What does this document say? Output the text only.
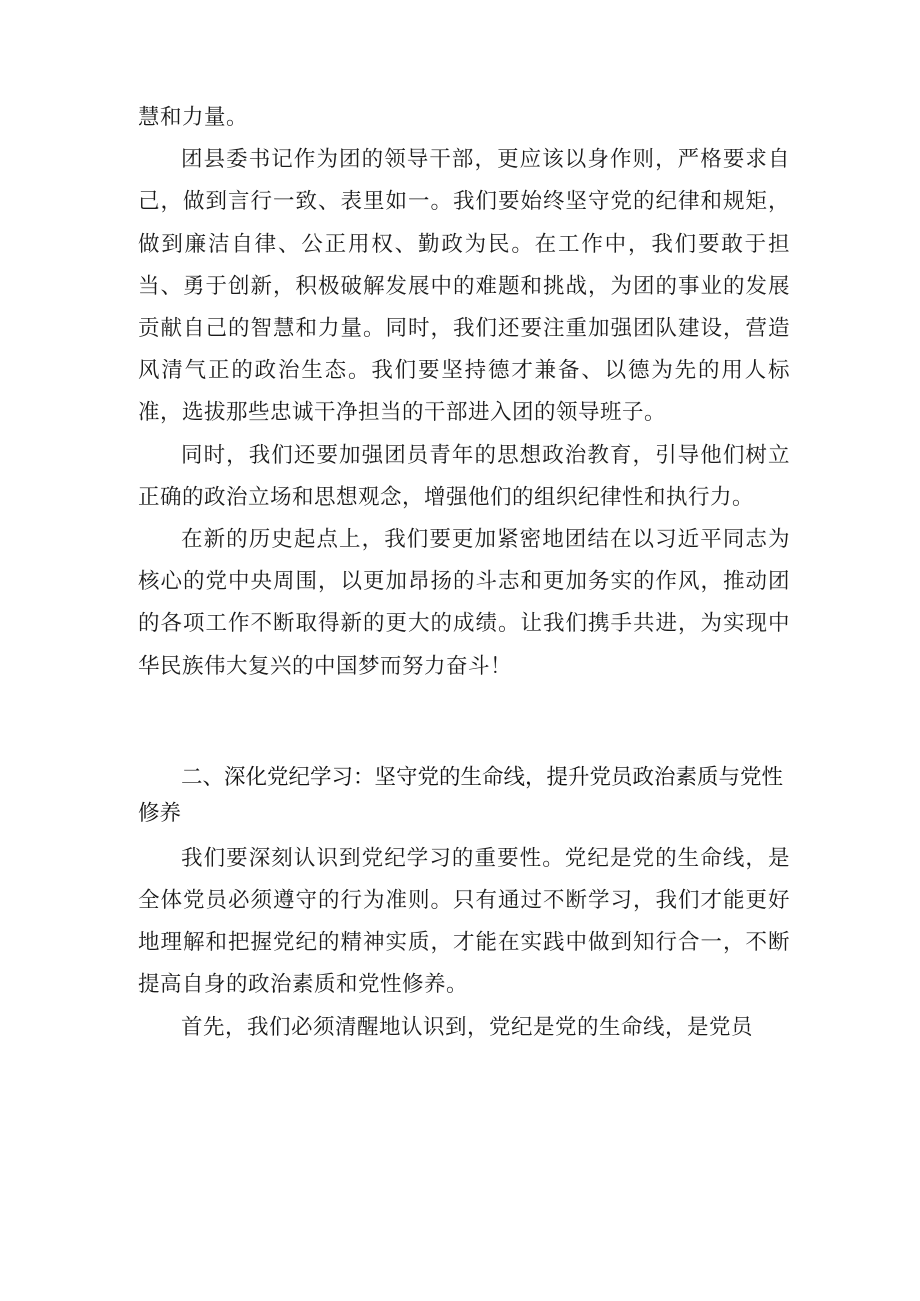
慧和力量。

团县委书记作为团的领导干部，更应该以身作则，严格要求自己，做到言行一致、表里如一。我们要始终坚守党的纪律和规矩，做到廉洁自律、公正用权、勤政为民。在工作中，我们要敢于担当、勇于创新，积极破解发展中的难题和挑战，为团的事业的发展贡献自己的智慧和力量。同时，我们还要注重加强团队建设，营造风清气正的政治生态。我们要坚持德才兼备、以德为先的用人标准，选拔那些忠诚干净担当的干部进入团的领导班子。

同时，我们还要加强团员青年的思想政治教育，引导他们树立正确的政治立场和思想观念，增强他们的组织纪律性和执行力。

在新的历史起点上，我们要更加紧密地团结在以习近平同志为核心的党中央周围，以更加昂扬的斗志和更加务实的作风，推动团的各项工作不断取得新的更大的成绩。让我们携手共进，为实现中华民族伟大复兴的中国梦而努力奋斗！

二、深化党纪学习：坚守党的生命线，提升党员政治素质与党性修养

我们要深刻认识到党纪学习的重要性。党纪是党的生命线，是全体党员必须遵守的行为准则。只有通过不断学习，我们才能更好地理解和把握党纪的精神实质，才能在实践中做到知行合一，不断提高自身的政治素质和党性修养。

首先，我们必须清醒地认识到，党纪是党的生命线，是党员
